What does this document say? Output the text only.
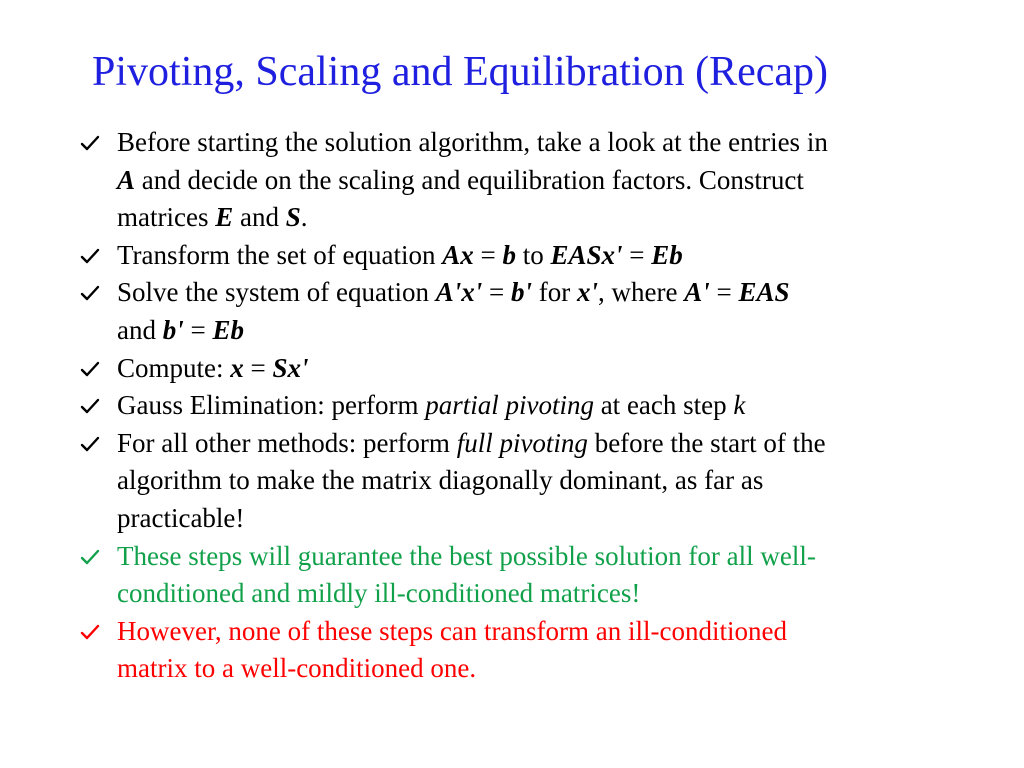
Pivoting, Scaling and Equilibration (Recap)
Before starting the solution algorithm, take a look at the entries in
A and decide on the scaling and equilibration factors. Construct
matrices E and S.
Transform the set of equation Ax = b to EASx' = Eb
Solve the system of equation A'x' = b' for x', where A' = EAS
and b' = Eb
Compute: x = Sx'
Gauss Elimination: perform partial pivoting at each step k
For all other methods: perform full pivoting before the start of the
algorithm to make the matrix diagonally dominant, as far as
practicable!
These steps will guarantee the best possible solution for all well-
conditioned and mildly ill-conditioned matrices!
However, none of these steps can transform an ill-conditioned
matrix to a well-conditioned one.
